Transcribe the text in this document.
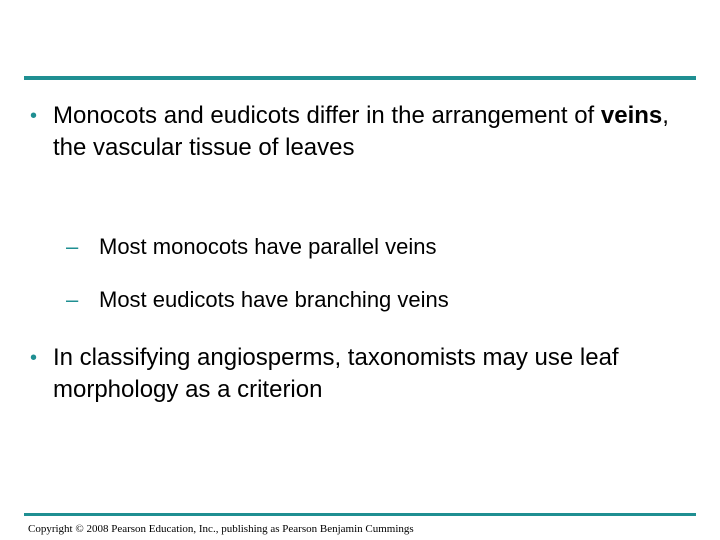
• Monocots and eudicots differ in the arrangement of veins, the vascular tissue of leaves
– Most monocots have parallel veins
– Most eudicots have branching veins
• In classifying angiosperms, taxonomists may use leaf morphology as a criterion
Copyright © 2008 Pearson Education, Inc., publishing as Pearson Benjamin Cummings
